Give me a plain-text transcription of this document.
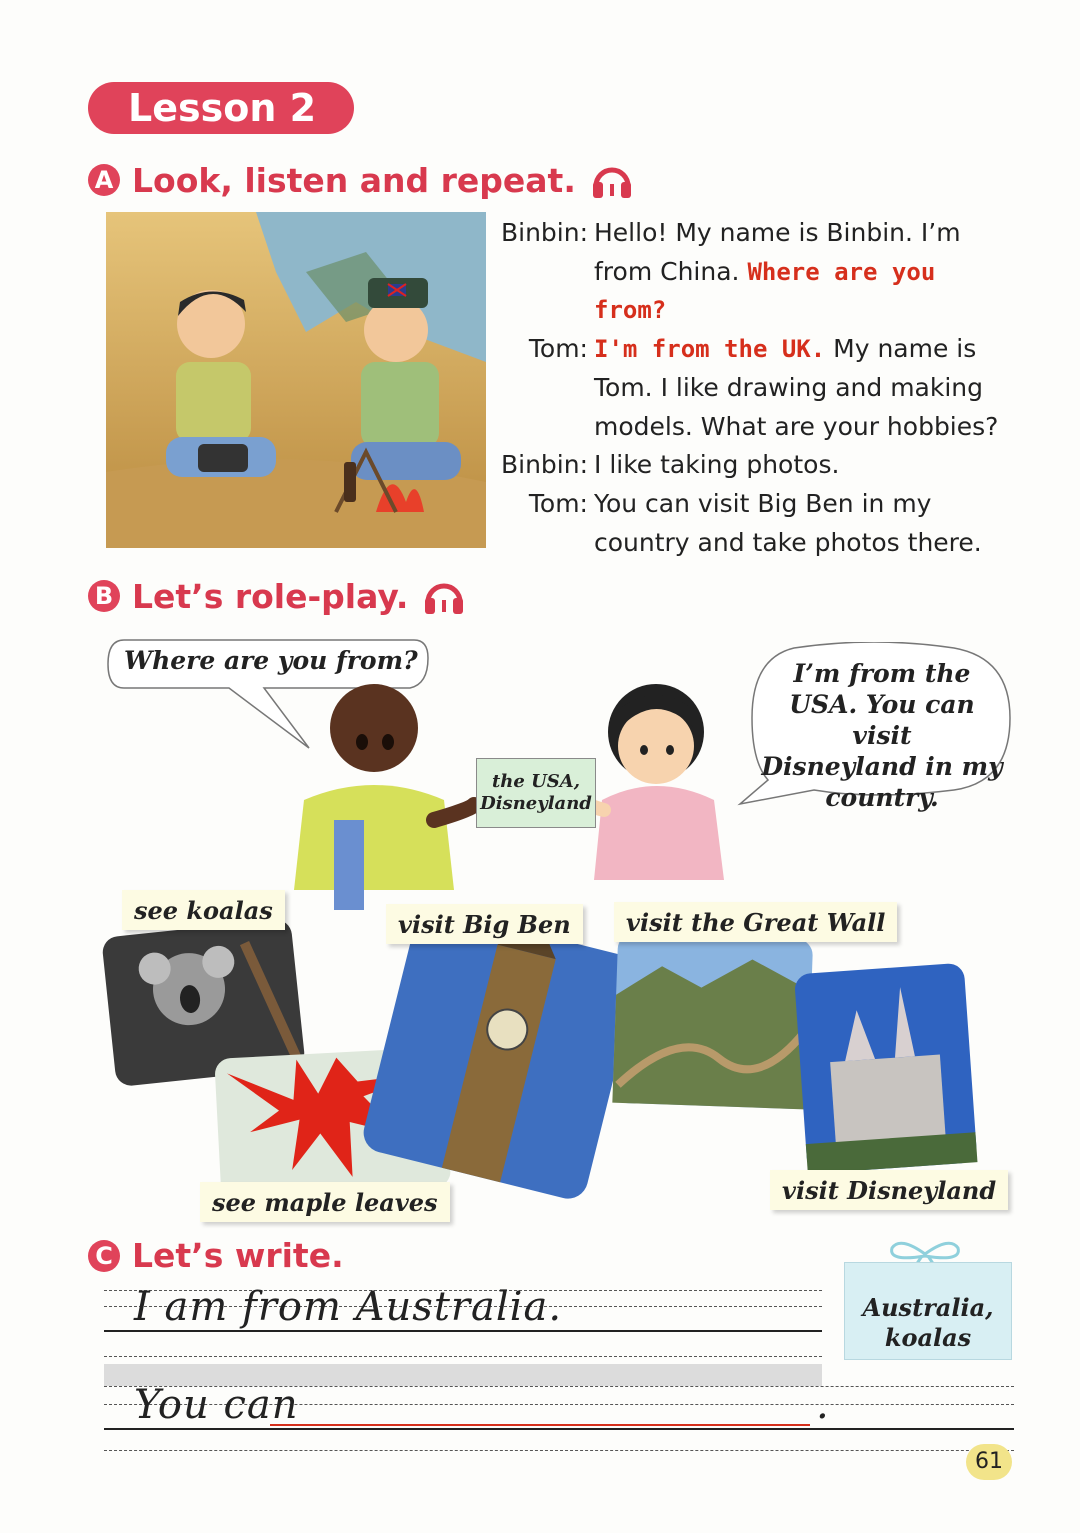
Lesson 2
A Look, listen and repeat.
Binbin: Hello! My name is Binbin. I’m
from China. Where are you
from?
Tom: I'm from the UK. My name is
Tom. I like drawing and making
models. What are your hobbies?
Binbin: I like taking photos.
Tom: You can visit Big Ben in my
country and take photos there.
B Let’s role-play.
Where are you from?	I’m from the
USA. You can visit
Disneyland in my
country.
the USA,
Disneyland
see koalas	visit Big Ben	visit the Great Wall
see maple leaves	visit Disneyland
C Let’s write.
I am from Australia.
You can	.
Australia,
koalas
61
